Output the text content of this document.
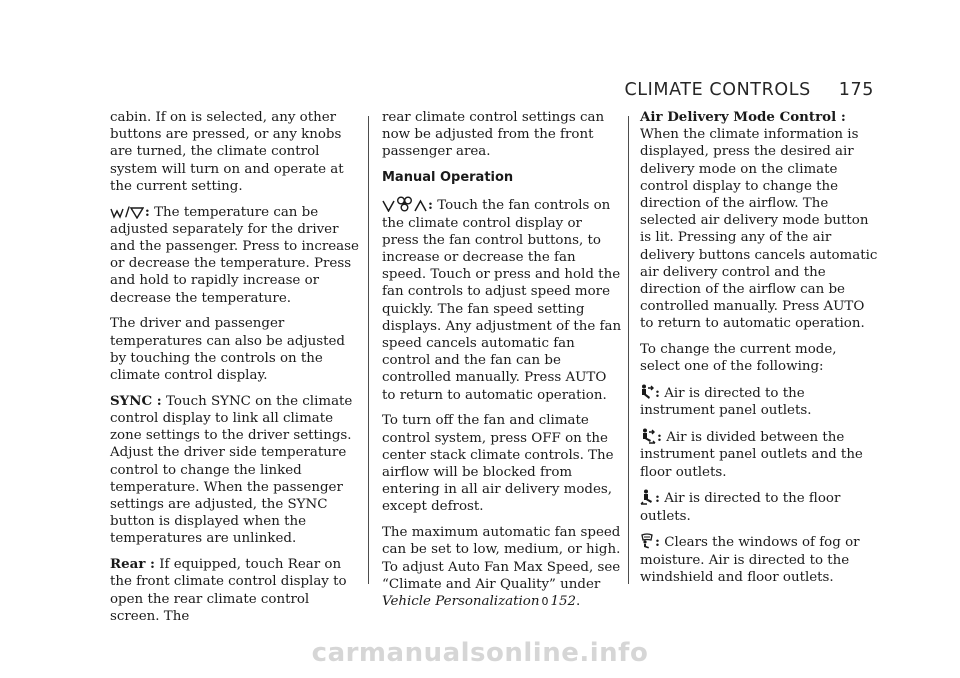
CLIMATE CONTROLS 175

cabin. If on is selected, any other buttons are pressed, or any knobs are turned, the climate control system will turn on and operate at the current setting.

/ : The temperature can be adjusted separately for the driver and the passenger. Press to increase or decrease the temperature. Press and hold to rapidly increase or decrease the temperature.

The driver and passenger temperatures can also be adjusted by touching the controls on the climate control display.

SYNC : Touch SYNC on the climate control display to link all climate zone settings to the driver settings. Adjust the driver side temperature control to change the linked temperature. When the passenger settings are adjusted, the SYNC button is displayed when the temperatures are unlinked.

Rear : If equipped, touch Rear on the front climate control display to open the rear climate control screen. The

rear climate control settings can now be adjusted from the front passenger area.

Manual Operation

: Touch the fan controls on the climate control display or press the fan control buttons, to increase or decrease the fan speed. Touch or press and hold the fan controls to adjust speed more quickly. The fan speed setting displays. Any adjustment of the fan speed cancels automatic fan control and the fan can be controlled manually. Press AUTO to return to automatic operation.

To turn off the fan and climate control system, press OFF on the center stack climate controls. The airflow will be blocked from entering in all air delivery modes, except defrost.

The maximum automatic fan speed can be set to low, medium, or high. To adjust Auto Fan Max Speed, see “Climate and Air Quality” under Vehicle Personalization 0 152.

Air Delivery Mode Control : When the climate information is displayed, press the desired air delivery mode on the climate control display to change the direction of the airflow. The selected air delivery mode button is lit. Pressing any of the air delivery buttons cancels automatic air delivery control and the direction of the airflow can be controlled manually. Press AUTO to return to automatic operation.

To change the current mode, select one of the following:

: Air is directed to the instrument panel outlets.

: Air is divided between the instrument panel outlets and the floor outlets.

: Air is directed to the floor outlets.

: Clears the windows of fog or moisture. Air is directed to the windshield and floor outlets.

carmanualsonline.info
